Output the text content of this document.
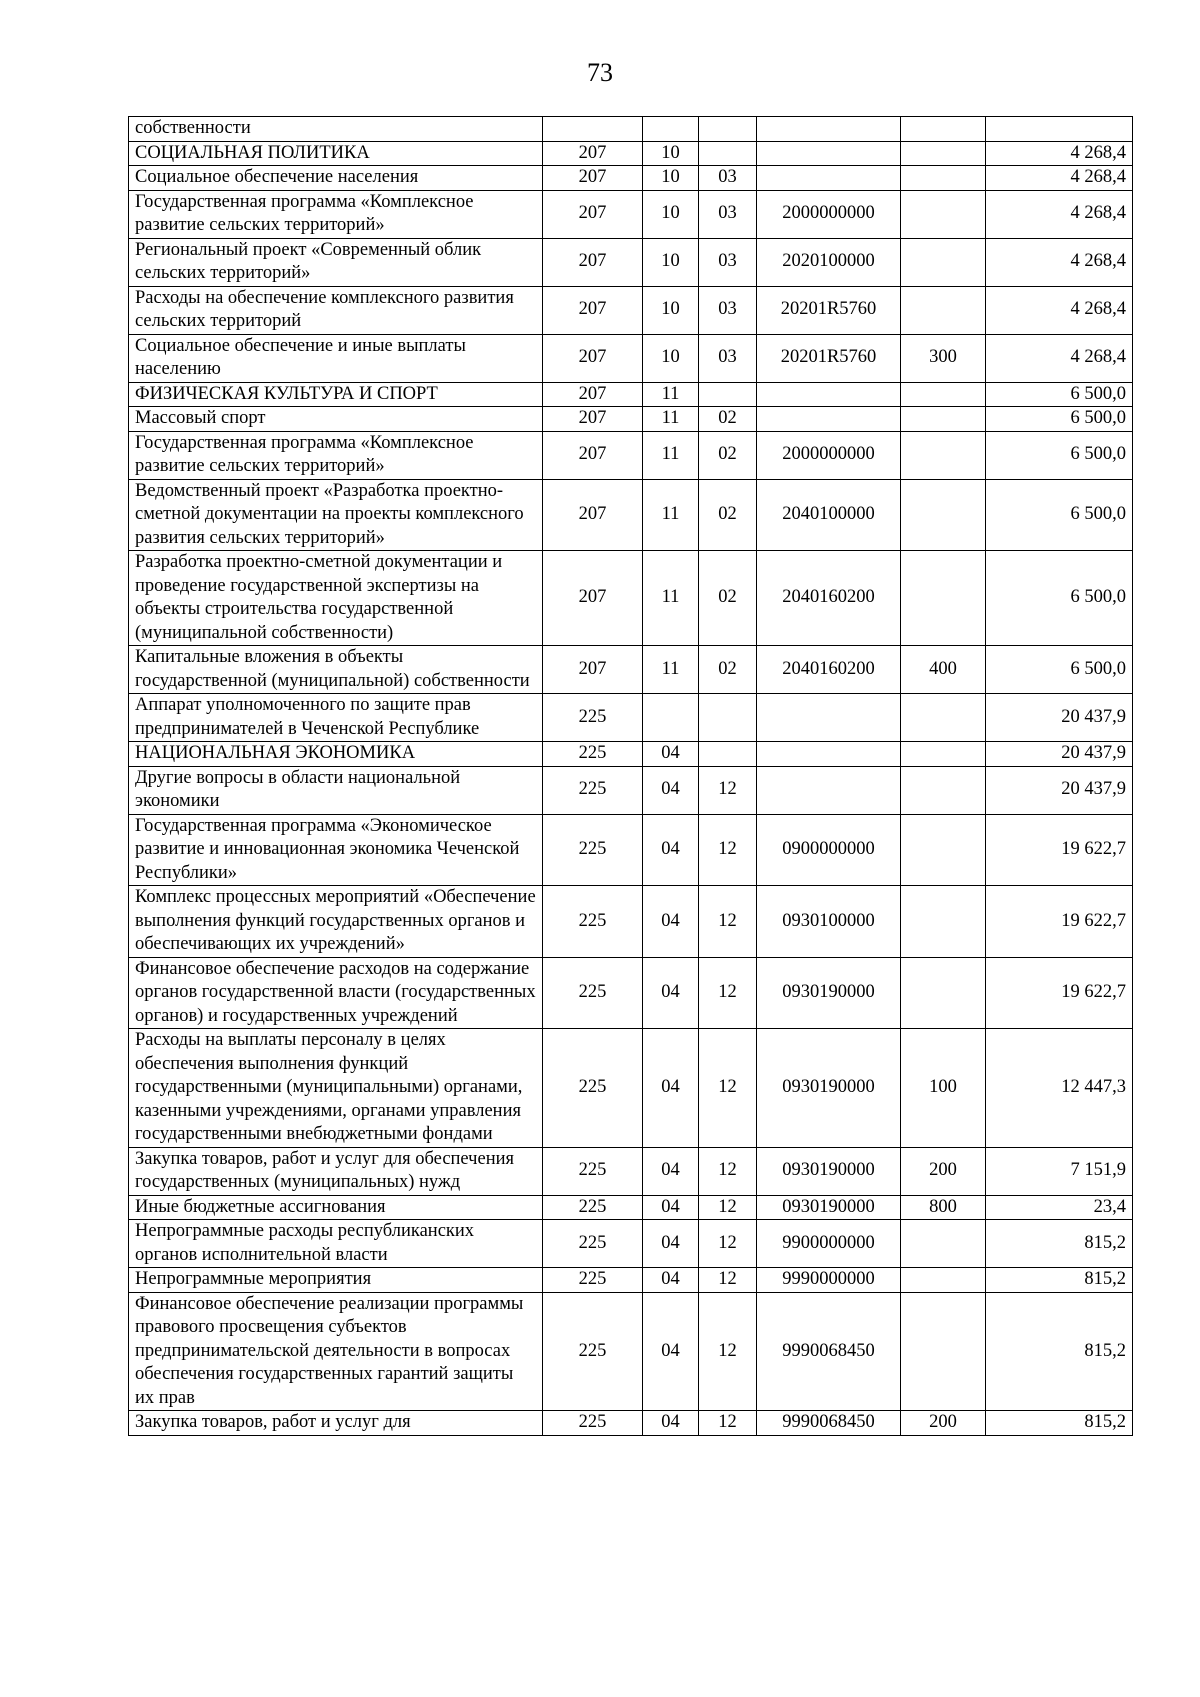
73
собственности						
СОЦИАЛЬНАЯ ПОЛИТИКА	207	10				4 268,4
Социальное обеспечение населения	207	10	03			4 268,4
Государственная программа «Комплексное развитие сельских территорий»	207	10	03	2000000000		4 268,4
Региональный проект «Современный облик сельских территорий»	207	10	03	2020100000		4 268,4
Расходы на обеспечение комплексного развития сельских территорий	207	10	03	20201R5760		4 268,4
Социальное обеспечение и иные выплаты населению	207	10	03	20201R5760	300	4 268,4
ФИЗИЧЕСКАЯ КУЛЬТУРА И СПОРТ	207	11				6 500,0
Массовый спорт	207	11	02			6 500,0
Государственная программа «Комплексное развитие сельских территорий»	207	11	02	2000000000		6 500,0
Ведомственный проект «Разработка проектно-сметной документации на проекты комплексного развития сельских территорий»	207	11	02	2040100000		6 500,0
Разработка проектно-сметной документации и проведение государственной экспертизы на объекты строительства государственной (муниципальной собственности)	207	11	02	2040160200		6 500,0
Капитальные вложения в объекты государственной (муниципальной) собственности	207	11	02	2040160200	400	6 500,0
Аппарат уполномоченного по защите прав предпринимателей в Чеченской Республике	225					20 437,9
НАЦИОНАЛЬНАЯ ЭКОНОМИКА	225	04				20 437,9
Другие вопросы в области национальной экономики	225	04	12			20 437,9
Государственная программа «Экономическое развитие и инновационная экономика Чеченской Республики»	225	04	12	0900000000		19 622,7
Комплекс процессных мероприятий «Обеспечение выполнения функций государственных органов и обеспечивающих их учреждений»	225	04	12	0930100000		19 622,7
Финансовое обеспечение расходов на содержание органов государственной власти (государственных органов) и государственных учреждений	225	04	12	0930190000		19 622,7
Расходы на выплаты персоналу в целях обеспечения выполнения функций государственными (муниципальными) органами, казенными учреждениями, органами управления государственными внебюджетными фондами	225	04	12	0930190000	100	12 447,3
Закупка товаров, работ и услуг для обеспечения государственных (муниципальных) нужд	225	04	12	0930190000	200	7 151,9
Иные бюджетные ассигнования	225	04	12	0930190000	800	23,4
Непрограммные расходы республиканских органов исполнительной власти	225	04	12	9900000000		815,2
Непрограммные мероприятия	225	04	12	9990000000		815,2
Финансовое обеспечение реализации программы правового просвещения субъектов предпринимательской деятельности в вопросах обеспечения государственных гарантий защиты их прав	225	04	12	9990068450		815,2
Закупка товаров, работ и услуг для	225	04	12	9990068450	200	815,2
